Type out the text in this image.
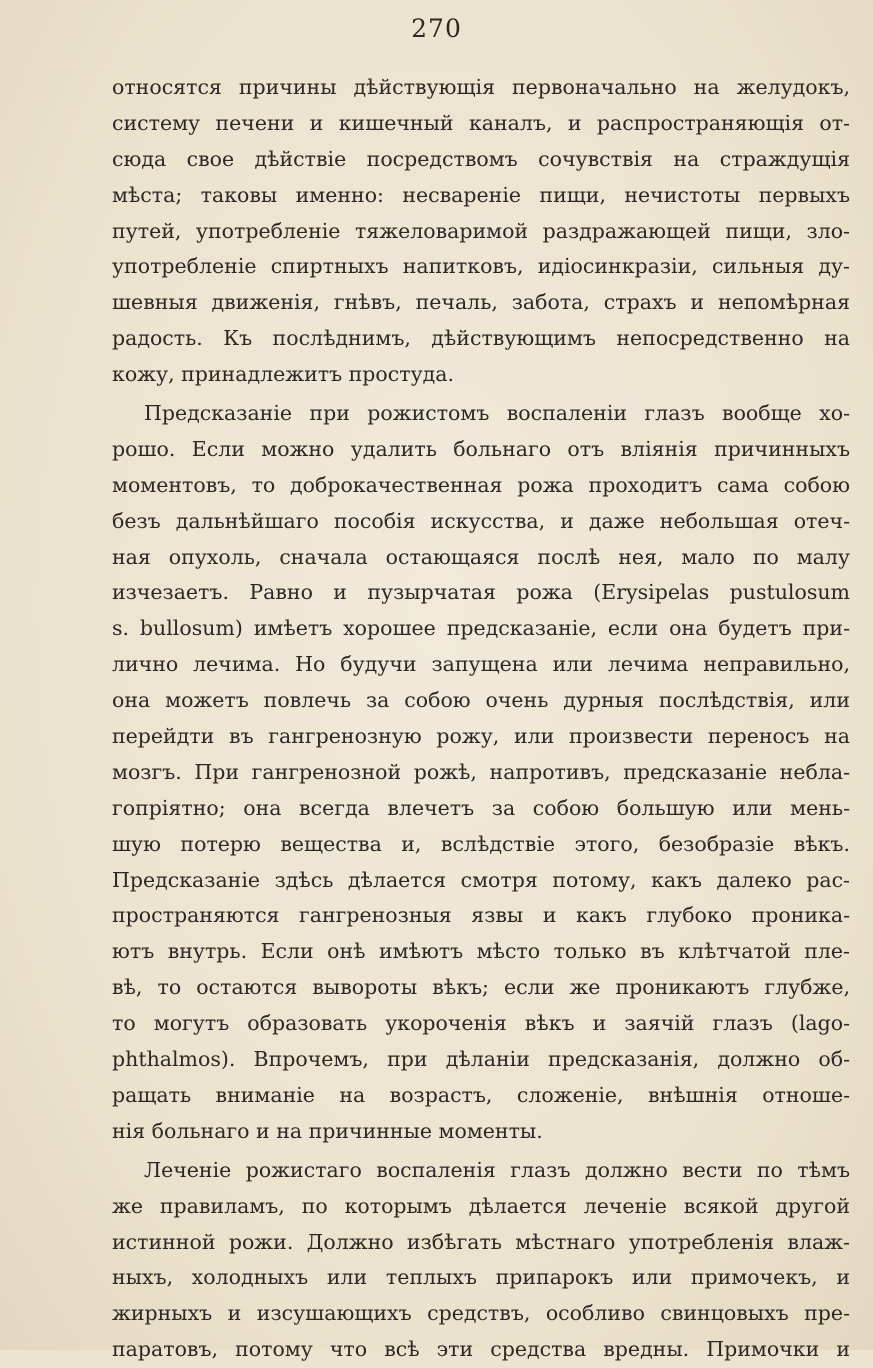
270
относятся причины дѣйствующія первоначально на желудокъ,
систему печени и кишечный каналъ, и распространяющія от-
сюда свое дѣйствіе посредствомъ сочувствія на страждущія
мѣста; таковы именно: несвареніе пищи, нечистоты первыхъ
путей, употребленіе тяжеловаримой раздражающей пищи, зло-
употребленіе спиртныхъ напитковъ, идіосинкразіи, сильныя ду-
шевныя движенія, гнѣвъ, печаль, забота, страхъ и непомѣрная
радость. Къ послѣднимъ, дѣйствующимъ непосредственно на
кожу, принадлежитъ простуда.
Предсказаніе при рожистомъ воспаленіи глазъ вообще хо-
рошо. Если можно удалить больнаго отъ вліянія причинныхъ
моментовъ, то доброкачественная рожа проходитъ сама собою
безъ дальнѣйшаго пособія искусства, и даже небольшая отеч-
ная опухоль, сначала остающаяся послѣ нея, мало по малу
изчезаетъ. Равно и пузырчатая рожа (Erysipelas pustulosum
s. bullosum) имѣетъ хорошее предсказаніе, если она будетъ при-
лично лечима. Но будучи запущена или лечима неправильно,
она можетъ повлечь за собою очень дурныя послѣдствія, или
перейдти въ гангренозную рожу, или произвести переносъ на
мозгъ. При гангренозной рожѣ, напротивъ, предсказаніе небла-
гопріятно; она всегда влечетъ за собою большую или мень-
шую потерю вещества и, вслѣдствіе этого, безобразіе вѣкъ.
Предсказаніе здѣсь дѣлается смотря потому, какъ далеко рас-
пространяются гангренозныя язвы и какъ глубоко проника-
ютъ внутрь. Если онѣ имѣютъ мѣсто только въ клѣтчатой пле-
вѣ, то остаются вывороты вѣкъ; если же проникаютъ глубже,
то могутъ образовать укороченія вѣкъ и заячій глазъ (lago-
phthalmos). Впрочемъ, при дѣланіи предсказанія, должно об-
ращать вниманіе на возрастъ, сложеніе, внѣшнія отноше-
нія больнаго и на причинные моменты.
Леченіе рожистаго воспаленія глазъ должно вести по тѣмъ
же правиламъ, по которымъ дѣлается леченіе всякой другой
истинной рожи. Должно избѣгать мѣстнаго употребленія влаж-
ныхъ, холодныхъ или теплыхъ припарокъ или примочекъ, и
жирныхъ и изсушающихъ средствъ, особливо свинцовыхъ пре-
паратовъ, потому что всѣ эти средства вредны. Примочки и
